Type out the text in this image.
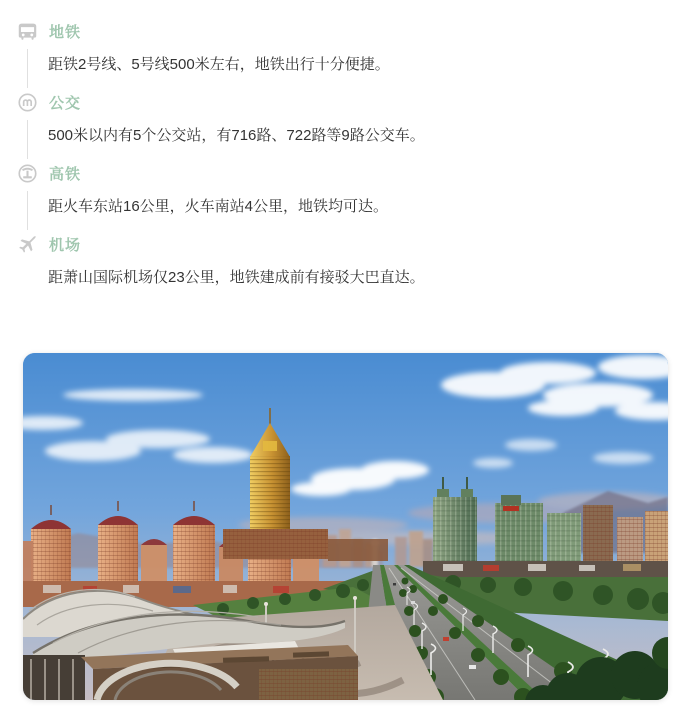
地铁
距铁2号线、5号线500米左右，地铁出行十分便捷。
公交
500米以内有5个公交站，有716路、722路等9路公交车。
高铁
距火车东站16公里，火车南站4公里，地铁均可达。
机场
距萧山国际机场仅23公里，地铁建成前有接驳大巴直达。
